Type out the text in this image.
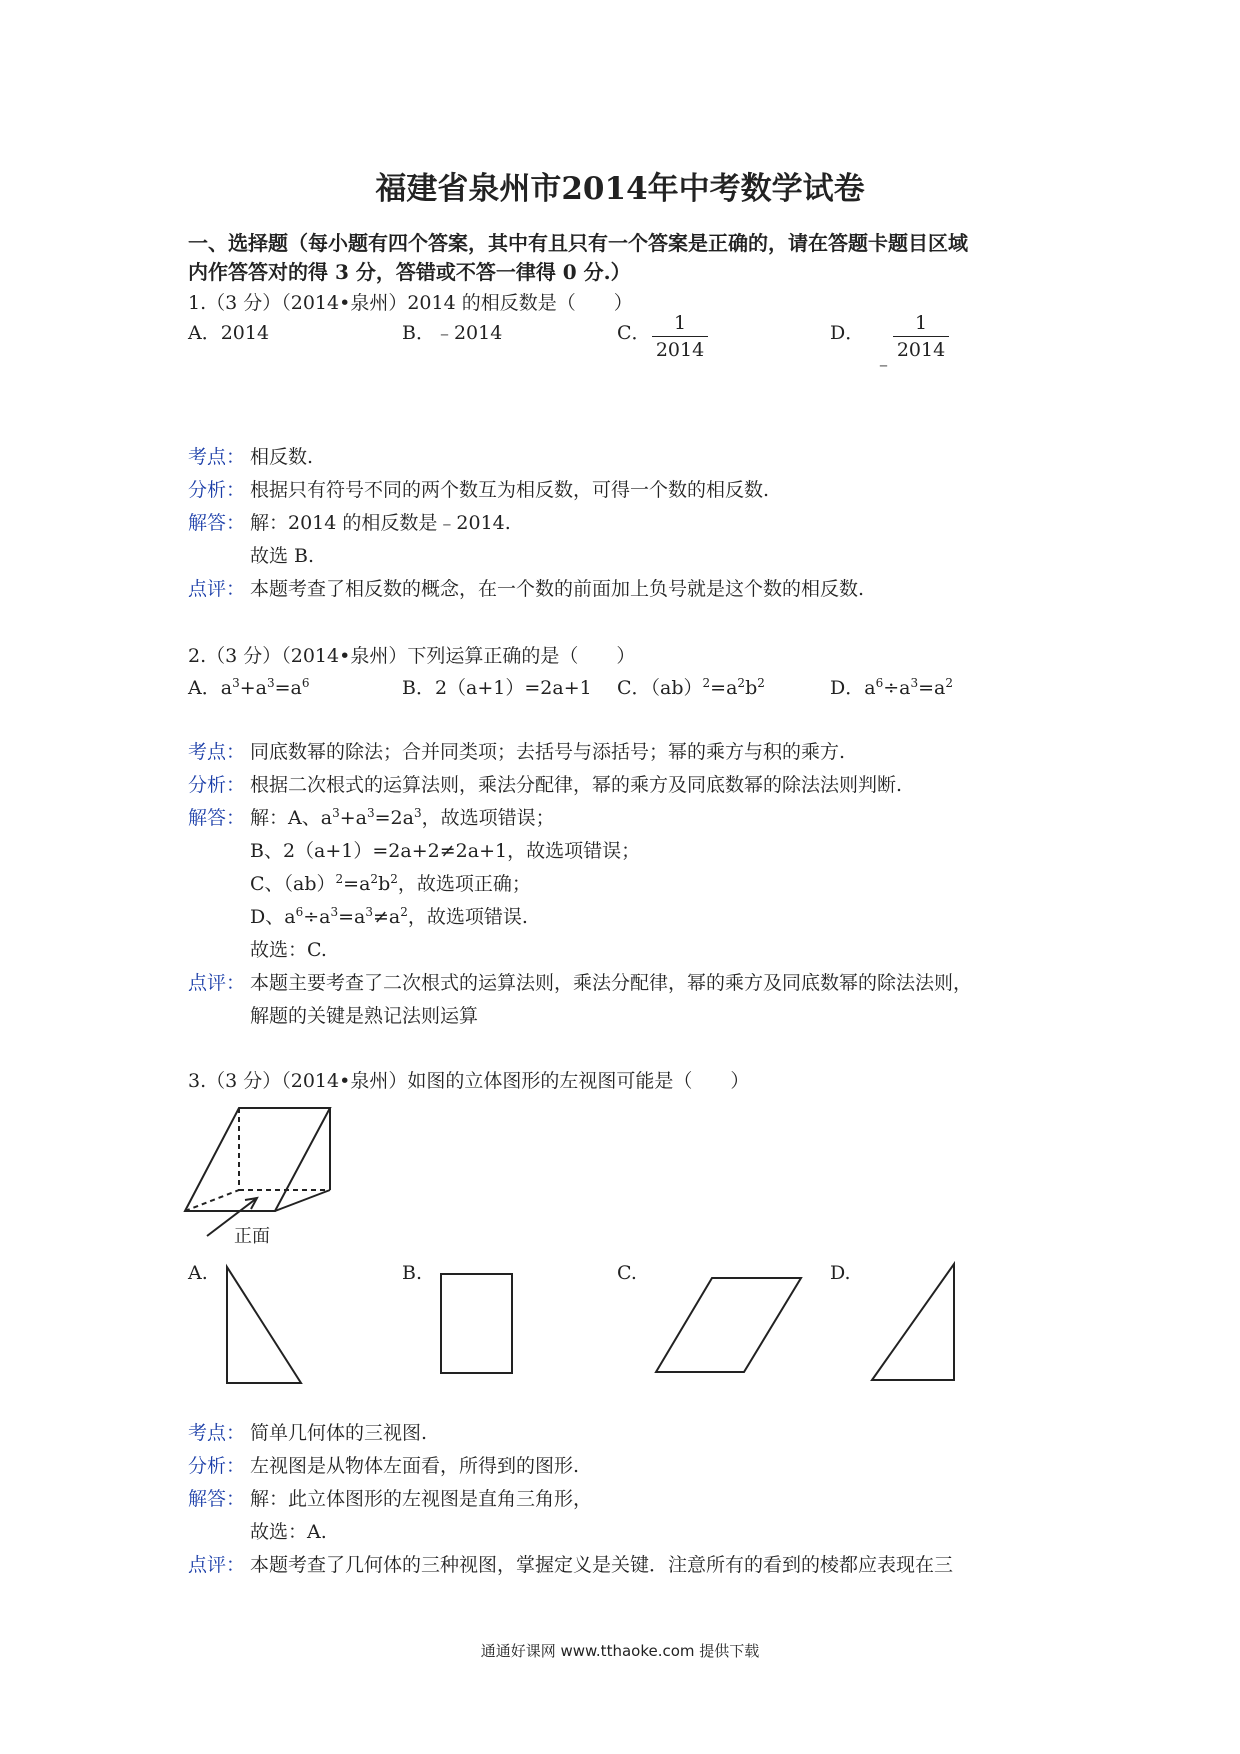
福建省泉州市2014年中考数学试卷
一、选择题（每小题有四个答案，其中有且只有一个答案是正确的，请在答题卡题目区域
内作答答对的得 3 分，答错或不答一律得 0 分.）
1.（3 分）（2014•泉州）2014 的相反数是（　　）
A．2014	B．﹣2014	C．	1
2014
D．
﹣
1
2014
考点： 相反数.
分析： 根据只有符号不同的两个数互为相反数，可得一个数的相反数.
解答： 解：2014 的相反数是﹣2014.
故选 B.
点评： 本题考查了相反数的概念，在一个数的前面加上负号就是这个数的相反数.
2.（3 分）（2014•泉州）下列运算正确的是（　　）
A．$a^3+a^3=a^6$	B．2（a+1）=2a+1 C．$(ab)^2=a^2b^2$	D．$a^6\div a^3=a^2$
考点： 同底数幂的除法；合并同类项；去括号与添括号；幂的乘方与积的乘方.
分析： 根据二次根式的运算法则，乘法分配律，幂的乘方及同底数幂的除法法则判断.
解答： 解：A、$a^3+a^3=2a^3$，故选项错误；
B、2（a+1）=2a+2≠2a+1，故选项错误；
C、$(ab)^2=a^2b^2$，故选项正确；
D、$a^6\div a^3=a^3\ne a^2$，故选项错误.
故选：C.
点评： 本题主要考查了二次根式的运算法则，乘法分配律，幂的乘方及同底数幂的除法法则，
解题的关键是熟记法则运算
3.（3 分）（2014•泉州）如图的立体图形的左视图可能是（　　）
正面
A.	B.	C.	D.
考点： 简单几何体的三视图.
分析： 左视图是从物体左面看，所得到的图形.
解答： 解：此立体图形的左视图是直角三角形，
故选：A.
点评： 本题考查了几何体的三种视图，掌握定义是关键．注意所有的看到的棱都应表现在三
通通好课网 www.tthaoke.com 提供下载
